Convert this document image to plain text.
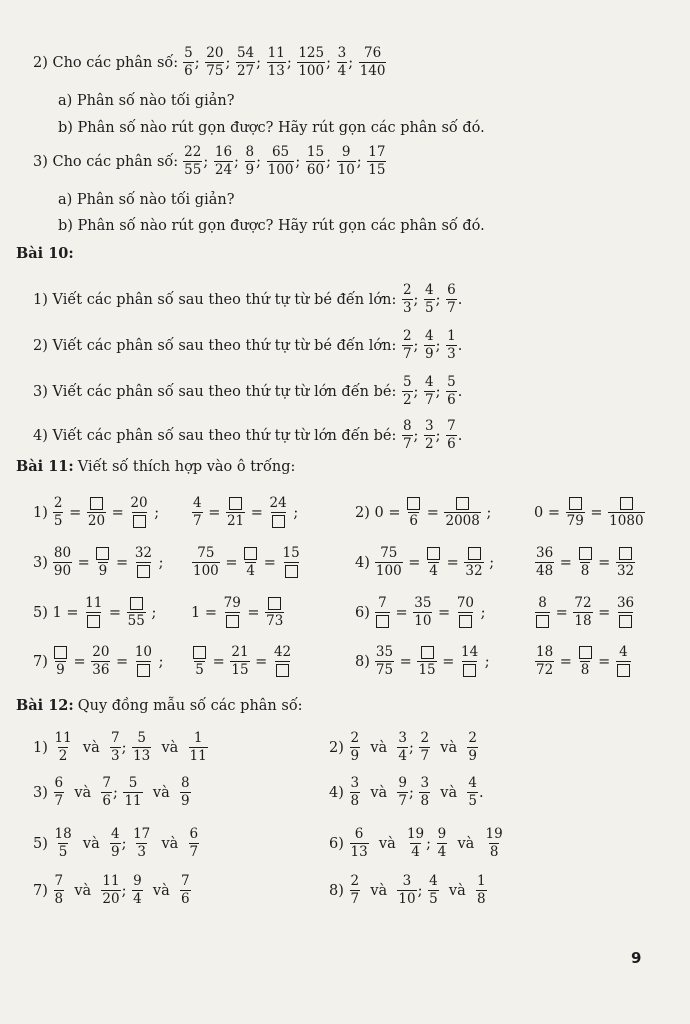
2) Cho các phân số:
5
6
;
20
75
;
54
27
;
11
13
;
125
100
;
3
4
;
76
140
a) Phân số nào tối giản?
b) Phân số nào rút gọn được? Hãy rút gọn các phân số đó.
3) Cho các phân số:
22
55
;
16
24
;
8
9
;
65
100
;
15
60
;
9
10
;
17
15
a) Phân số nào tối giản?
b) Phân số nào rút gọn được? Hãy rút gọn các phân số đó.
Bài 10:
1) Viết các phân số sau theo thứ tự từ bé đến lớn:

2
3
;
4
5
;
6
7
.
2) Viết các phân số sau theo thứ tự từ bé đến lớn:

2
7
;
4
9
;
1
3
.
3) Viết các phân số sau theo thứ tự từ lớn đến bé:

5
2
;
4
7
;
5
6
.
4) Viết các phân số sau theo thứ tự từ lớn đến bé:

8
7
;
3
2
;
7
6
.
Bài 11: Viết số thích hợp vào ô trống:
1)
2
5
=
20
=
20
;
4
7
=
21
=
24
;	2)
0 =
6
=
2008
;	0 =
79
=
1080
3)
80
90
=
9
=
32
;
75
100
=
4
=
15
4)
75
100
=
4
=
32
;
36
48
=
8
=
32
5)
1 =
11
=
55
; 1 =
79
=
73
6)
7
=
35
10
=
70
;
8
=
72
18
=
36
7)
9
=
20
36
=
10
;
5
=
21
15
=
42
8)
35
75
=
15
=
14
;
18
72
=
8
=
4
Bài 12: Quy đồng mẫu số các phân số:
1)
11
2

và

7
3
;
5
13

và

1
11
2)
2
9

và

3
4
;
2
7

và

2
9
3)
6
7

và

7
6
;
5
11

và

8
9
4)
3
8

và

9
7
;
3
8

và

4
5
.
5)
18
5

và

4
9
;
17
3

và

6
7
6)
6
13

và

19
4
;
9
4

và

19
8
7)
7
8

và

11
20
;
9
4

và

7
6
8)
2
7

và

3
10
;
4
5

và

1
8
9
